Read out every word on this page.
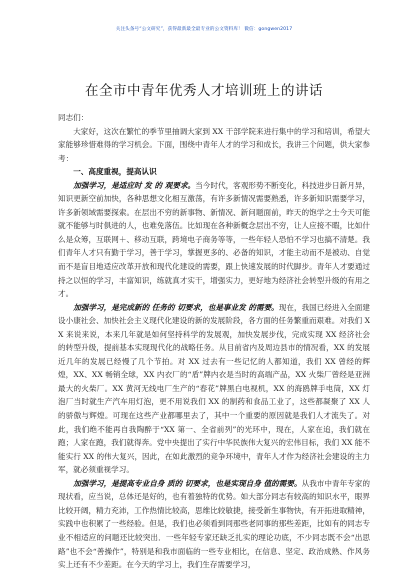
关注头条号“公文研究”，获得最新最全最专业的公文资料库！ 微信：gongwen2017
在全市中青年优秀人才培训班上的讲话

同志们：

大家好，这次在繁忙的季节里抽调大家到 XX 干部学院来进行集中的学习和培训，希望大家能够珍惜难得的学习机会。下面，围绕中青年人才的学习和成长，我讲三个问题，供大家参考：

一、高度重视，提高认识

加强学习，是适应时 发 的 观要求。当今时代，客观形势不断变化，科技进步日新月异，知识更新空前加快，各种思想文化相互激荡，有许多新情况需要熟悉，许多新知识需要学习，许多新领域需要探索。在层出不穷的新事物、新情况、新问题面前，昨天的饱学之士今天可能就不能够与时俱进的人，也难免落伍。比如现在各种新概念层出不穷，让人应接不暇，比如什么是众筹，互联网＋、移动互联，跨境电子商务等等，一些年轻人恐怕不学习也搞不清楚。我们青年人才只有勤于学习，善于学习，掌握更多的、必备的知识，才能主动而不是被动、自觉而不是盲目地适应改革开放和现代化建设的需要，跟上快速发展的时代脚步。青年人才要通过持之以恒的学习，丰富知识，练就真才实干，增强实力，更好地为经济社会转型升级的有用之才。

加强学习，是完成新的 任务的 切要求，也是事业发 的需要。现在，我国已经进入全面建设小康社会、加快社会主义现代化建设的新的发展阶段，各方面的任务繁重而艰难。对我们 XX 来说来说，本来几年就是如何坚持科学的发展观，加快发展步伐，完成实现 XX 经济社会的转型升级，提前基本实现现代化的战略任务。从目前省内及周边县市的情况看，XX 的发展近几年的发展已经慢了几个节拍。对 XX 过去有一些记忆的人都知道，我们 XX 曾经的辉煌，XX、XX 畅销全球，XX 内衣厂的“盾”牌内衣是当时的高端产品，XX 火柴厂曾经是亚洲最大的火柴厂。XX 黄河无线电厂生产的“春花”牌黑白电视机，XX 的海鸥牌手电筒，XX 灯泡厂当时就生产汽车用灯泡，更不用说我们 XX 的制药和食品工业了，这些都凝聚了 XX 人的骄傲与辉煌。可现在这些产业都哪里去了，其中一个重要的原因就是我们人才流失了。对此，我们绝不能再自我陶醉于“XX 第一、全省前列”的光环中，现在，人家在追，我们就在跑；人家在跑，我们就得奔。党中央提出了实行中华民族伟大复兴的宏伟目标，我们 XX 能不能实行 XX 的伟大复兴，因此，在如此激烈的竞争环境中，青年人才作为经济社会建设的主力军，就必须重视学习。

加强学习，是提高专业自身 质的 切要求，也是实现自身 值的需要。从我市中青年专家的现状看，应当说，总体还是好的，也有着独特的优势。如大部分同志有较高的知识水平，眼界比较开阔，精力充沛，工作热情比较高，思维比较敏捷，接受新生事物快，有开拓进取精神，实践中也积累了一些经验。但是，我们也必须看到同那些老同事的那些差距，比如有的同志专业不相适应的问题还比较突出．一些年轻专家还缺乏扎实的理论功底，不少同志既不会“出思路”也不会“善操作”，特别是和我市面临的一些专业相比，在信息、坚定、政治成熟、作风务实上还有不少差距。在今天的学习上，我们生存需要学习，
